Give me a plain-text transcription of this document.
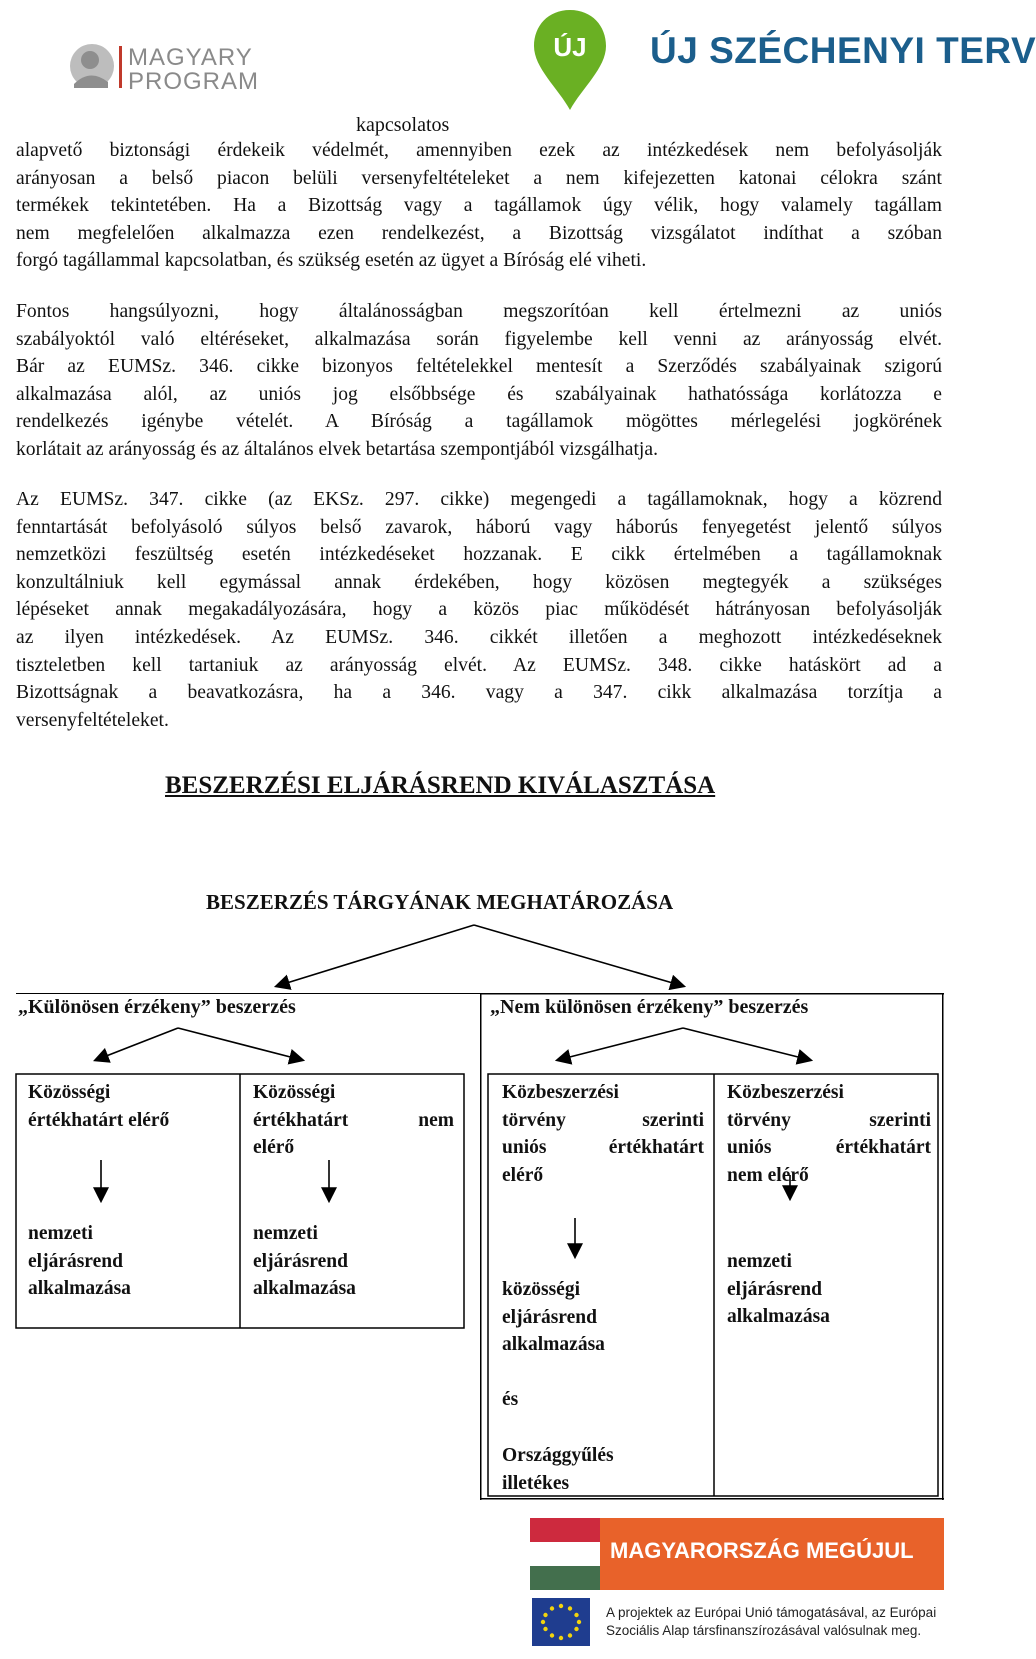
MAGYARY
PROGRAM
ÚJ ÚJ SZÉCHENYI TERV
kapcsolatos
alapvető biztonsági érdekeik védelmét, amennyiben ezek az intézkedések nem befolyásolják
arányosan a belső piacon belüli versenyfeltételeket a nem kifejezetten katonai célokra szánt
termékek tekintetében. Ha a Bizottság vagy a tagállamok úgy vélik, hogy valamely tagállam
nem megfelelően alkalmazza ezen rendelkezést, a Bizottság vizsgálatot indíthat a szóban
forgó tagállammal kapcsolatban, és szükség esetén az ügyet a Bíróság elé viheti.
Fontos hangsúlyozni, hogy általánosságban megszorítóan kell értelmezni az uniós
szabályoktól való eltéréseket, alkalmazása során figyelembe kell venni az arányosság elvét.
Bár az EUMSz. 346. cikke bizonyos feltételekkel mentesít a Szerződés szabályainak szigorú
alkalmazása alól, az uniós jog elsőbbsége és szabályainak hathatóssága korlátozza e
rendelkezés igénybe vételét. A Bíróság a tagállamok mögöttes mérlegelési jogkörének
korlátait az arányosság és az általános elvek betartása szempontjából vizsgálhatja.
Az EUMSz. 347. cikke (az EKSz. 297. cikke) megengedi a tagállamoknak, hogy a közrend
fenntartását befolyásoló súlyos belső zavarok, háború vagy háborús fenyegetést jelentő súlyos
nemzetközi feszültség esetén intézkedéseket hozzanak. E cikk értelmében a tagállamoknak
konzultálniuk kell egymással annak érdekében, hogy közösen megtegyék a szükséges
lépéseket annak megakadályozására, hogy a közös piac működését hátrányosan befolyásolják
az ilyen intézkedések. Az EUMSz. 346. cikkét illetően a meghozott intézkedéseknek
tiszteletben kell tartaniuk az arányosság elvét. Az EUMSz. 348. cikke hatáskört ad a
Bizottságnak a beavatkozásra, ha a 346. vagy a 347. cikk alkalmazása torzítja a
versenyfeltételeket.
BESZERZÉSI ELJÁRÁSREND KIVÁLASZTÁSA
BESZERZÉS TÁRGYÁNAK MEGHATÁROZÁSA
„Különösen érzékeny” beszerzés	„Nem különösen érzékeny” beszerzés
Közösségi
értékhatárt elérő
nemzeti
eljárásrend
alkalmazása
Közösségi
értékhatárt nem
elérő
nemzeti
eljárásrend
alkalmazása
Közbeszerzési
törvény szerinti
uniós értékhatárt
elérő
közösségi
eljárásrend
alkalmazása
és
Országgyűlés
illetékes
Közbeszerzési
törvény szerinti
uniós értékhatárt
nem elérő
nemzeti
eljárásrend
alkalmazása
MAGYARORSZÁG MEGÚJUL
A projektek az Európai Unió támogatásával, az Európai
Szociális Alap társfinanszírozásával valósulnak meg.
